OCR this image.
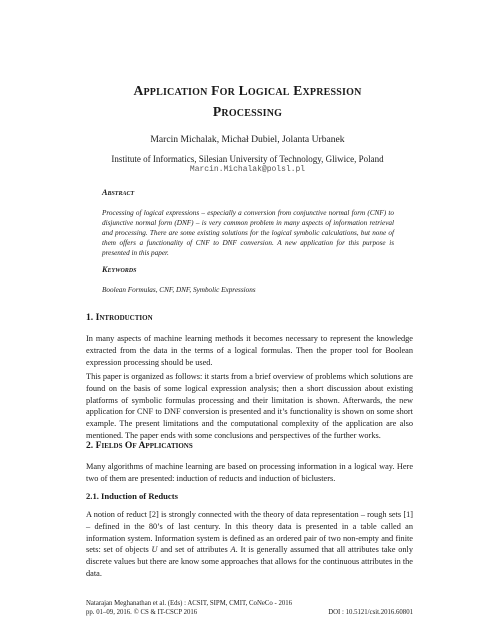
Application For Logical Expression
Processing
Marcin Michalak, Michał Dubiel, Jolanta Urbanek
Institute of Informatics, Silesian University of Technology, Gliwice, Poland
Marcin.Michalak@polsl.pl
Abstract
Processing of logical expressions – especially a conversion from conjunctive normal form (CNF) to disjunctive normal form (DNF) – is very common problem in many aspects of information retrieval and processing. There are some existing solutions for the logical symbolic calculations, but none of them offers a functionality of CNF to DNF conversion. A new application for this purpose is presented in this paper.
Keywords
Boolean Formulas, CNF, DNF, Symbolic Expressions
1. Introduction

In many aspects of machine learning methods it becomes necessary to represent the knowledge extracted from the data in the terms of a logical formulas. Then the proper tool for Boolean expression processing should be used.

This paper is organized as follows: it starts from a brief overview of problems which solutions are found on the basis of some logical expression analysis; then a short discussion about existing platforms of symbolic formulas processing and their limitation is shown. Afterwards, the new application for CNF to DNF conversion is presented and it’s functionality is shown on some short example. The present limitations and the computational complexity of the application are also mentioned. The paper ends with some conclusions and perspectives of the further works.

2. Fields Of Applications

Many algorithms of machine learning are based on processing information in a logical way. Here two of them are presented: induction of reducts and induction of biclusters.

2.1. Induction of Reducts

A notion of reduct [2] is strongly connected with the theory of data representation – rough sets [1] – defined in the 80’s of last century. In this theory data is presented in a table called an information system. Information system is defined as an ordered pair of two non-empty and finite sets: set of objects U and set of attributes A. It is generally assumed that all attributes take only discrete values but there are know some approaches that allows for the continuous attributes in the data.

Natarajan Meghanathan et al. (Eds) : ACSIT, SIPM, CMIT, CoNeCo - 2016
pp. 01–09, 2016. © CS & IT-CSCP 2016	DOI : 10.5121/csit.2016.60801
